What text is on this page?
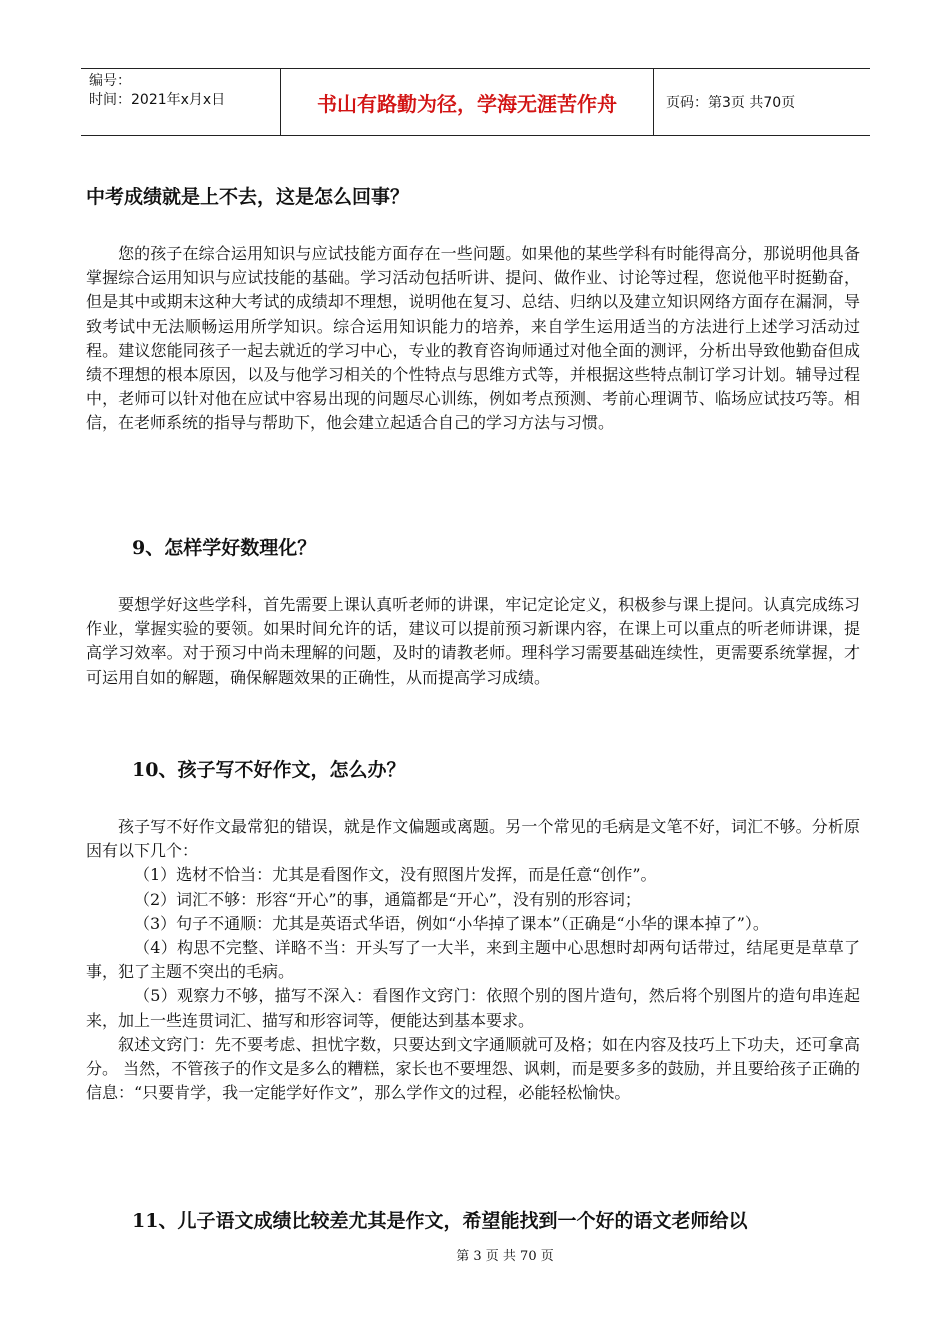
编号：
时间：2021年x月x日	书山有路勤为径，学海无涯苦作舟	页码：第3页 共70页
中考成绩就是上不去，这是怎么回事？

您的孩子在综合运用知识与应试技能方面存在一些问题。如果他的某些学科有时能得高分，那说明他具备掌握综合运用知识与应试技能的基础。学习活动包括听讲、提问、做作业、讨论等过程，您说他平时挺勤奋，但是其中或期末这种大考试的成绩却不理想，说明他在复习、总结、归纳以及建立知识网络方面存在漏洞，导致考试中无法顺畅运用所学知识。综合运用知识能力的培养，来自学生运用适当的方法进行上述学习活动过程。建议您能同孩子一起去就近的学习中心，专业的教育咨询师通过对他全面的测评，分析出导致他勤奋但成绩不理想的根本原因，以及与他学习相关的个性特点与思维方式等，并根据这些特点制订学习计划。辅导过程中，老师可以针对他在应试中容易出现的问题尽心训练，例如考点预测、考前心理调节、临场应试技巧等。相信，在老师系统的指导与帮助下，他会建立起适合自己的学习方法与习惯。

9、怎样学好数理化？

要想学好这些学科，首先需要上课认真听老师的讲课，牢记定论定义，积极参与课上提问。认真完成练习作业，掌握实验的要领。如果时间允许的话，建议可以提前预习新课内容，在课上可以重点的听老师讲课，提高学习效率。对于预习中尚未理解的问题，及时的请教老师。理科学习需要基础连续性，更需要系统掌握，才可运用自如的解题，确保解题效果的正确性，从而提高学习成绩。

10、孩子写不好作文，怎么办？

孩子写不好作文最常犯的错误，就是作文偏题或离题。另一个常见的毛病是文笔不好，词汇不够。分析原因有以下几个：

（1）选材不恰当：尤其是看图作文，没有照图片发挥，而是任意“创作”。

（2）词汇不够：形容“开心”的事，通篇都是“开心”，没有别的形容词；

（3）句子不通顺：尤其是英语式华语，例如“小华掉了课本”（正确是“小华的课本掉了”）。

（4）构思不完整、详略不当：开头写了一大半，来到主题中心思想时却两句话带过，结尾更是草草了事，犯了主题不突出的毛病。

（5）观察力不够，描写不深入：看图作文窍门：依照个别的图片造句，然后将个别图片的造句串连起来，加上一些连贯词汇、描写和形容词等，便能达到基本要求。

叙述文窍门：先不要考虑、担忧字数，只要达到文字通顺就可及格；如在内容及技巧上下功夫，还可拿高分。 当然，不管孩子的作文是多么的糟糕，家长也不要埋怨、讽刺，而是要多多的鼓励，并且要给孩子正确的信息：“只要肯学，我一定能学好作文”，那么学作文的过程，必能轻松愉快。

11、儿子语文成绩比较差尤其是作文，希望能找到一个好的语文老师给以
第 3 页 共 70 页
